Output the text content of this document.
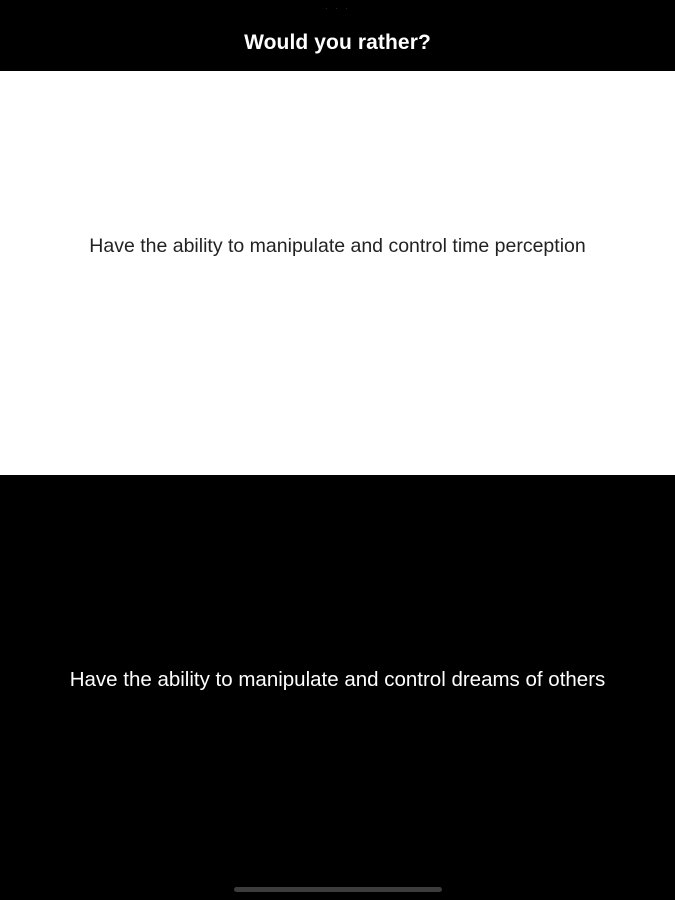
· · ·
Would you rather?
Have the ability to manipulate and control time perception
Have the ability to manipulate and control dreams of others
